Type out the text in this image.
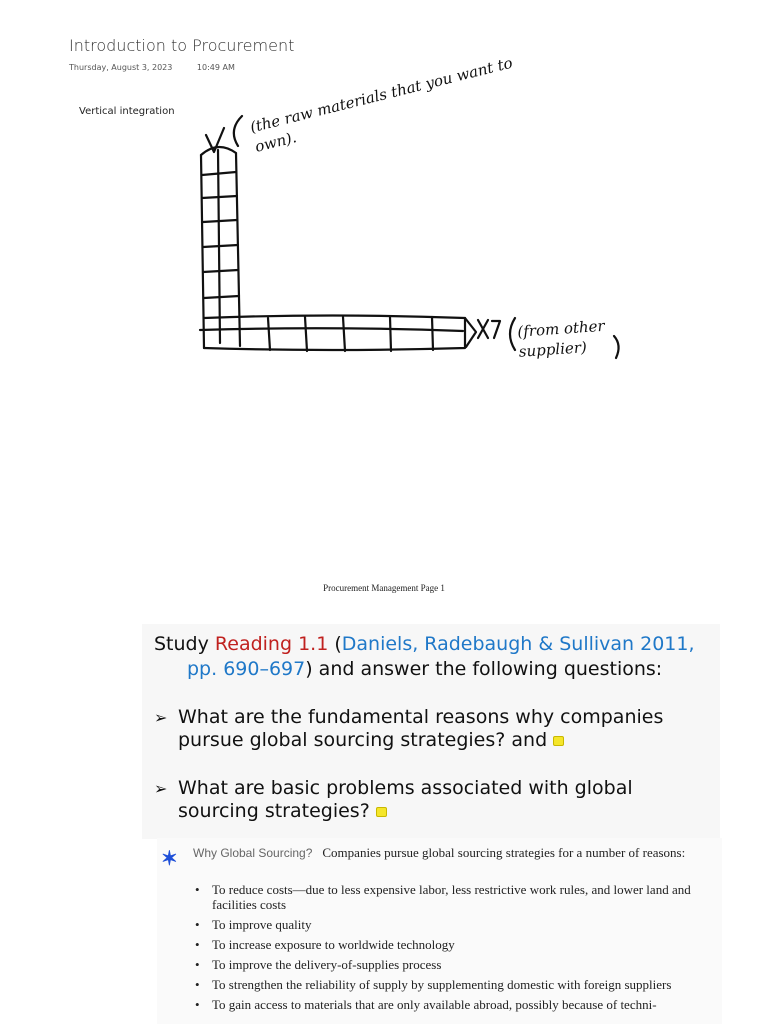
Introduction to Procurement
Thursday, August 3, 2023	10:49 AM
Vertical integration	(the raw materials that you want to own).
(from other supplier)
Procurement Management Page 1
Study Reading 1.1 (Daniels, Radebaugh & Sullivan 2011,
pp. 690–697) and answer the following questions:
➢ What are the fundamental reasons why companies pursue global sourcing strategies? and
➢ What are basic problems associated with global sourcing strategies?
✶ Why Global Sourcing? Companies pursue global sourcing strategies for a number of reasons:
• To reduce costs—due to less expensive labor, less restrictive work rules, and lower land and facilities costs
• To improve quality
• To increase exposure to worldwide technology
• To improve the delivery-of-supplies process
• To strengthen the reliability of supply by supplementing domestic with foreign suppliers
• To gain access to materials that are only available abroad, possibly because of techni-
